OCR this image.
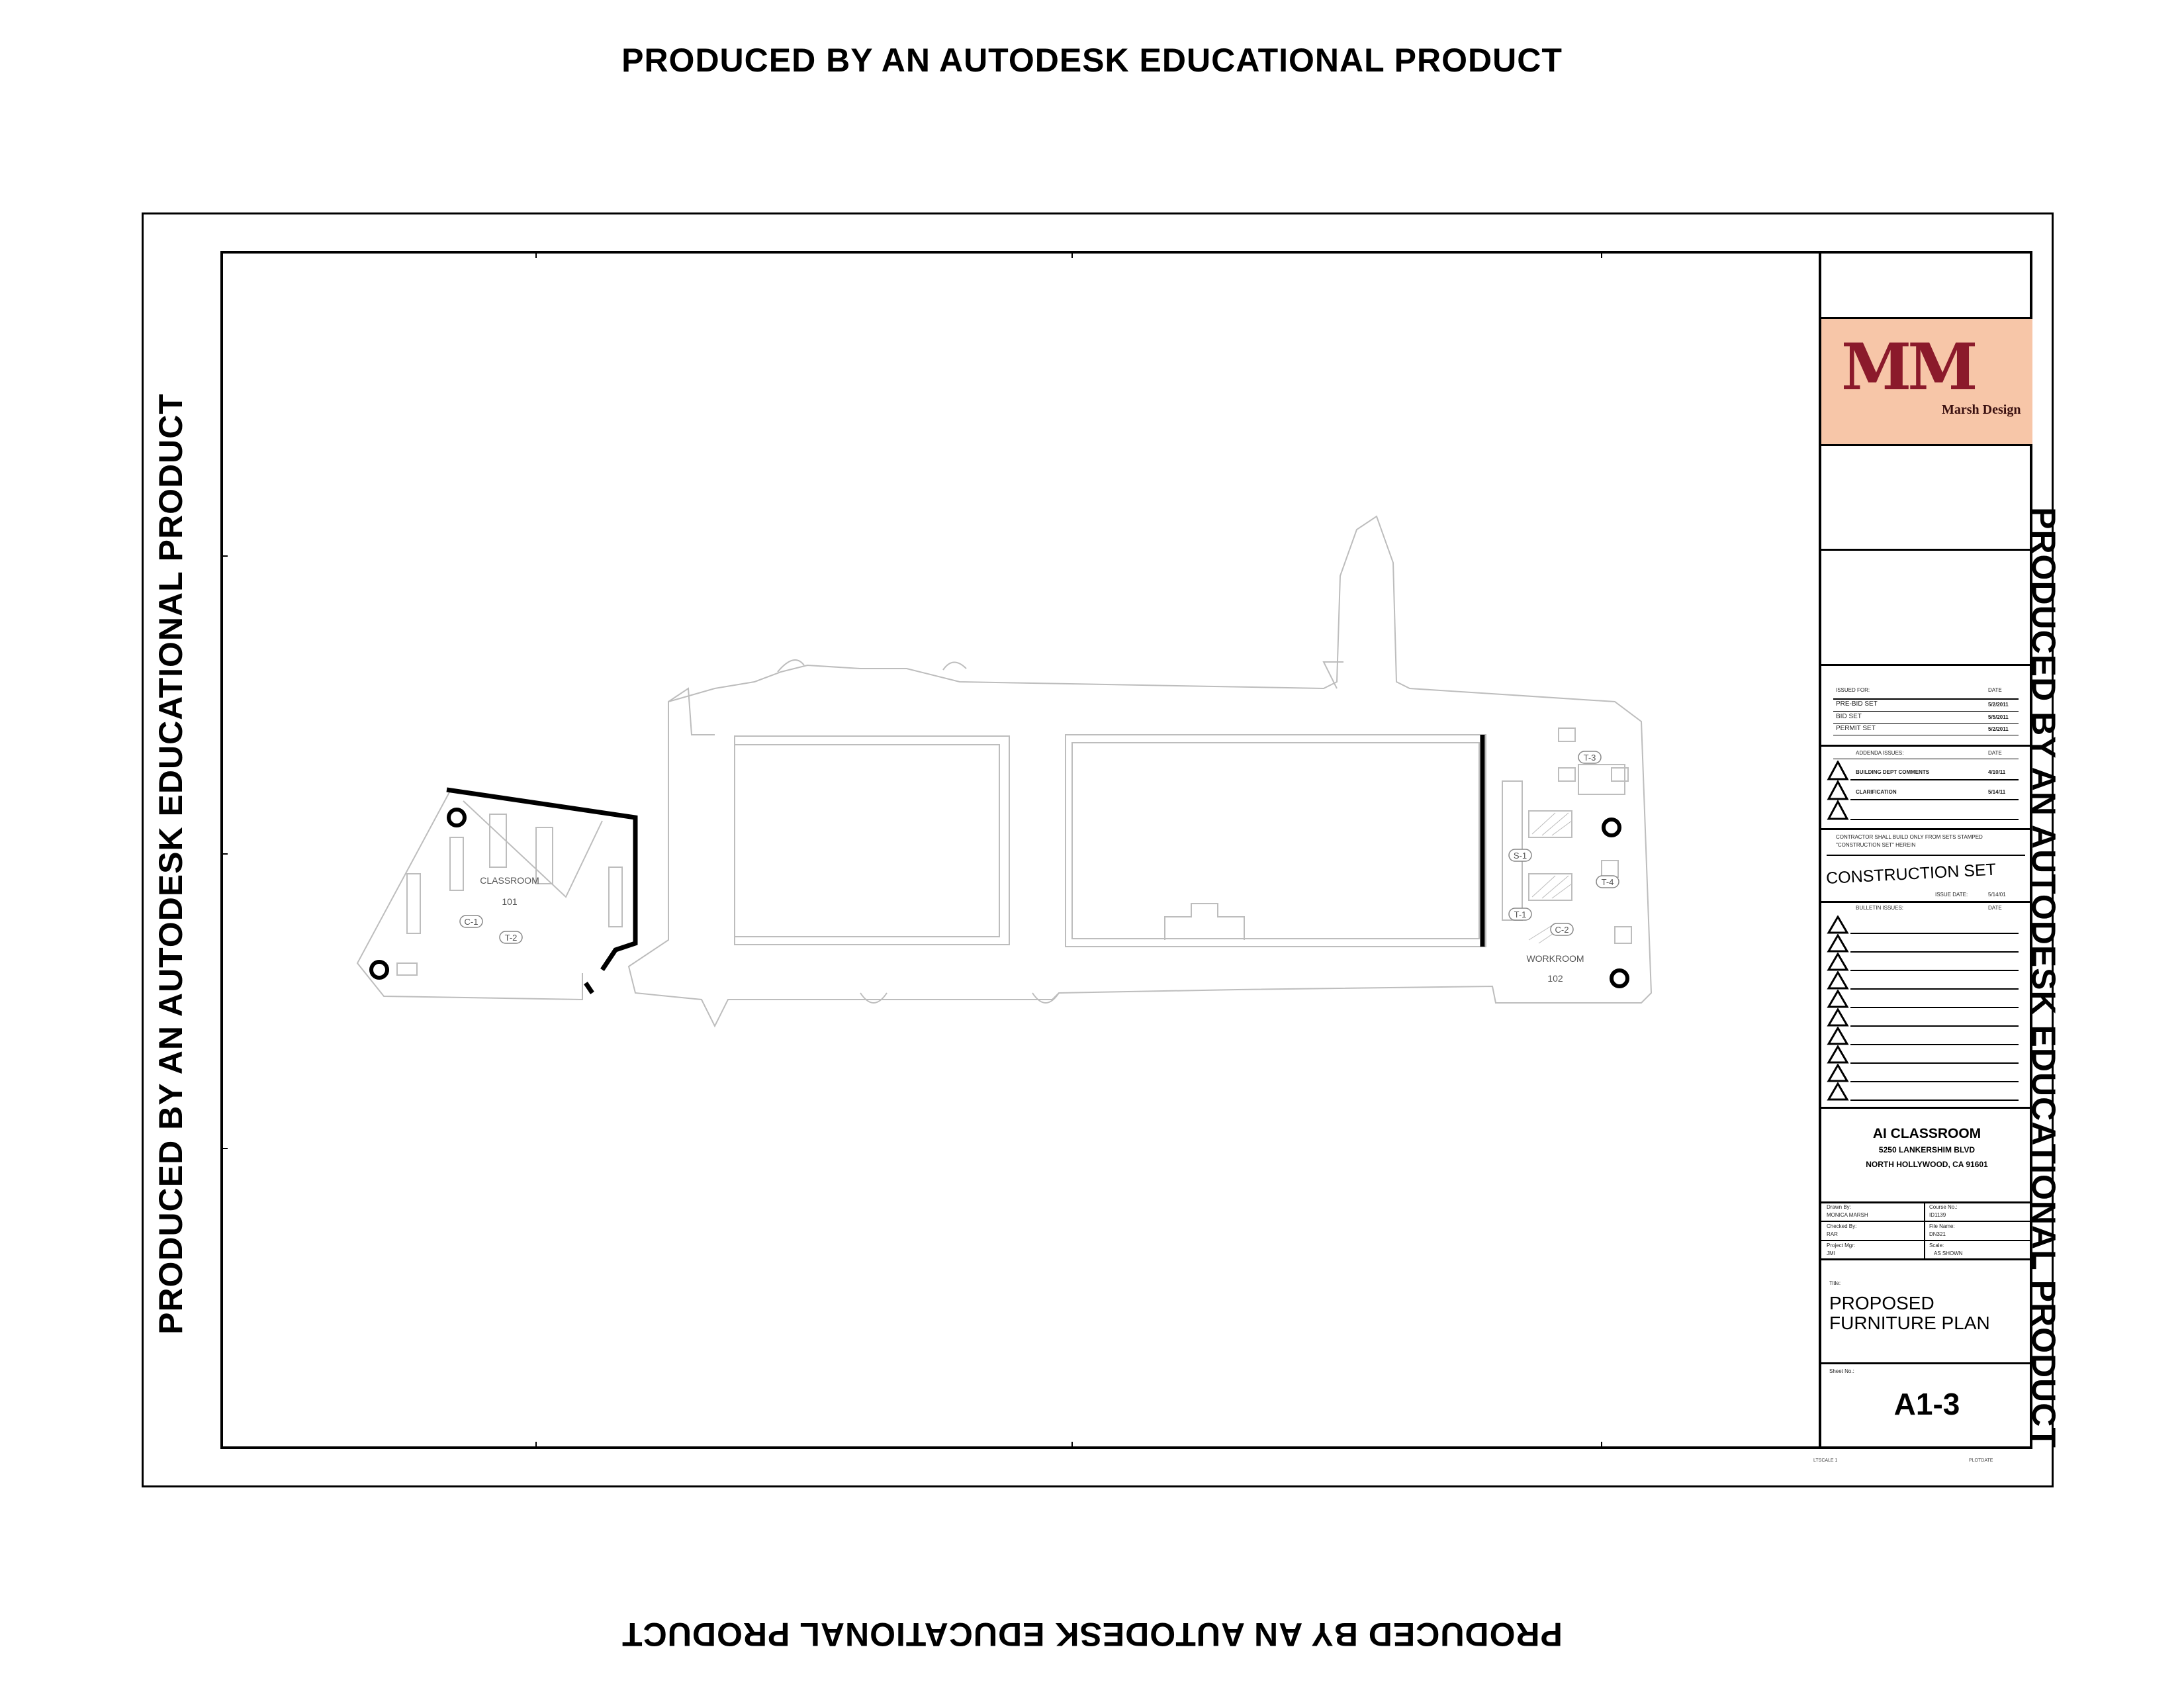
PRODUCED BY AN AUTODESK EDUCATIONAL PRODUCT
PRODUCED BY AN AUTODESK EDUCATIONAL PRODUCT
PRODUCED BY AN AUTODESK EDUCATIONAL PRODUCT	PRODUCED BY AN AUTODESK EDUCATIONAL PRODUCT
CLASSROOM
101
WORKROOM
102
C-1
T-2
T-3
S-1
T-4
T-1
C-2
MM
Marsh Design
ISSUED FOR:	DATE
PRE-BID SET	5/2/2011
BID SET	5/5/2011
PERMIT SET	5/2/2011
ADDENDA ISSUES:	DATE
BUILDING DEPT COMMENTS	4/10/11
CLARIFICATION	5/14/11
CONTRACTOR SHALL BUILD ONLY FROM SETS STAMPED "CONSTRUCTION SET" HEREIN
CONSTRUCTION SET
ISSUE DATE:	5/14/01
BULLETIN ISSUES:	DATE
AI CLASSROOM
5250 LANKERSHIM BLVD
NORTH HOLLYWOOD, CA 91601
Drawn By:
MONICA MARSH
Course No.:
ID1139
Checked By:
RAR
File Name:
DN321
Project Mgr:
JMI
Scale:
AS SHOWN
Title:
PROPOSED
FURNITURE PLAN
Sheet No.:
A1-3
LTSCALE 1	PLOTDATE
